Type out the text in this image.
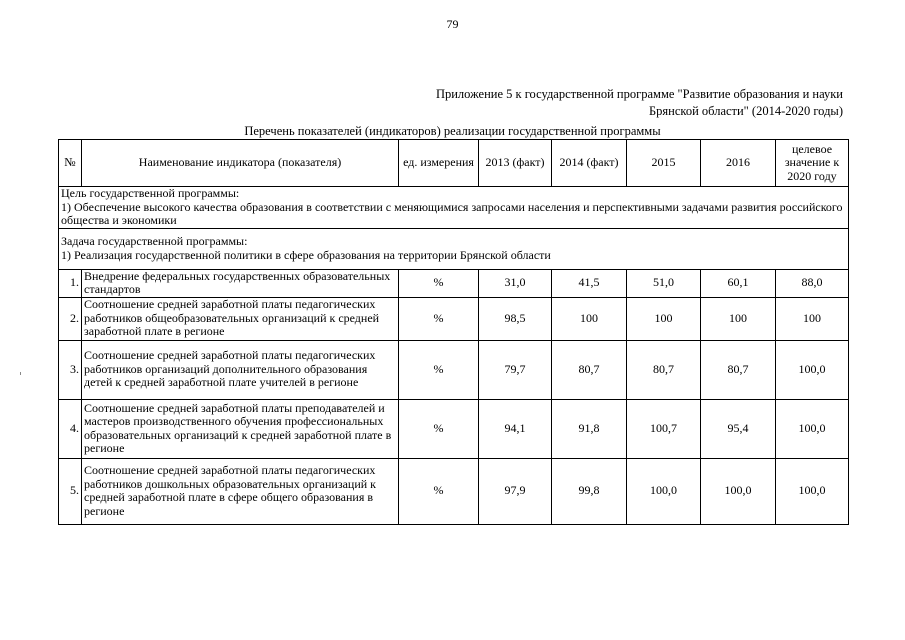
79
Приложение 5 к государственной программе "Развитие образования и науки
Брянской области" (2014-2020 годы)
Перечень показателей (индикаторов) реализации государственной программы
№	Наименование индикатора (показателя)	ед. измерения	2013 (факт)	2014 (факт)	2015	2016	целевое значение к 2020 году

Цель государственной программы:
1) Обеспечение высокого качества образования в соответствии с меняющимися запросами населения и перспективными задачами развития российского общества и экономики							

Задача государственной программы:
1) Реализация государственной политики в сфере образования на территории Брянской области							

1.	Внедрение федеральных государственных образовательных стандартов	%	31,0	41,5	51,0	60,1	88,0
2.	Соотношение средней заработной платы педагогических работников общеобразовательных организаций к средней заработной плате в регионе	%	98,5	100	100	100	100
3.	Соотношение средней заработной платы педагогических работников организаций дополнительного образования детей к средней заработной плате учителей в регионе	%	79,7	80,7	80,7	80,7	100,0
4.	Соотношение средней заработной платы преподавателей и мастеров производственного обучения профессиональных образовательных организаций к средней заработной плате в регионе	%	94,1	91,8	100,7	95,4	100,0
5.	Соотношение средней заработной платы педагогических работников дошкольных образовательных организаций к средней заработной плате в сфере общего образования в регионе	%	97,9	99,8	100,0	100,0	100,0
